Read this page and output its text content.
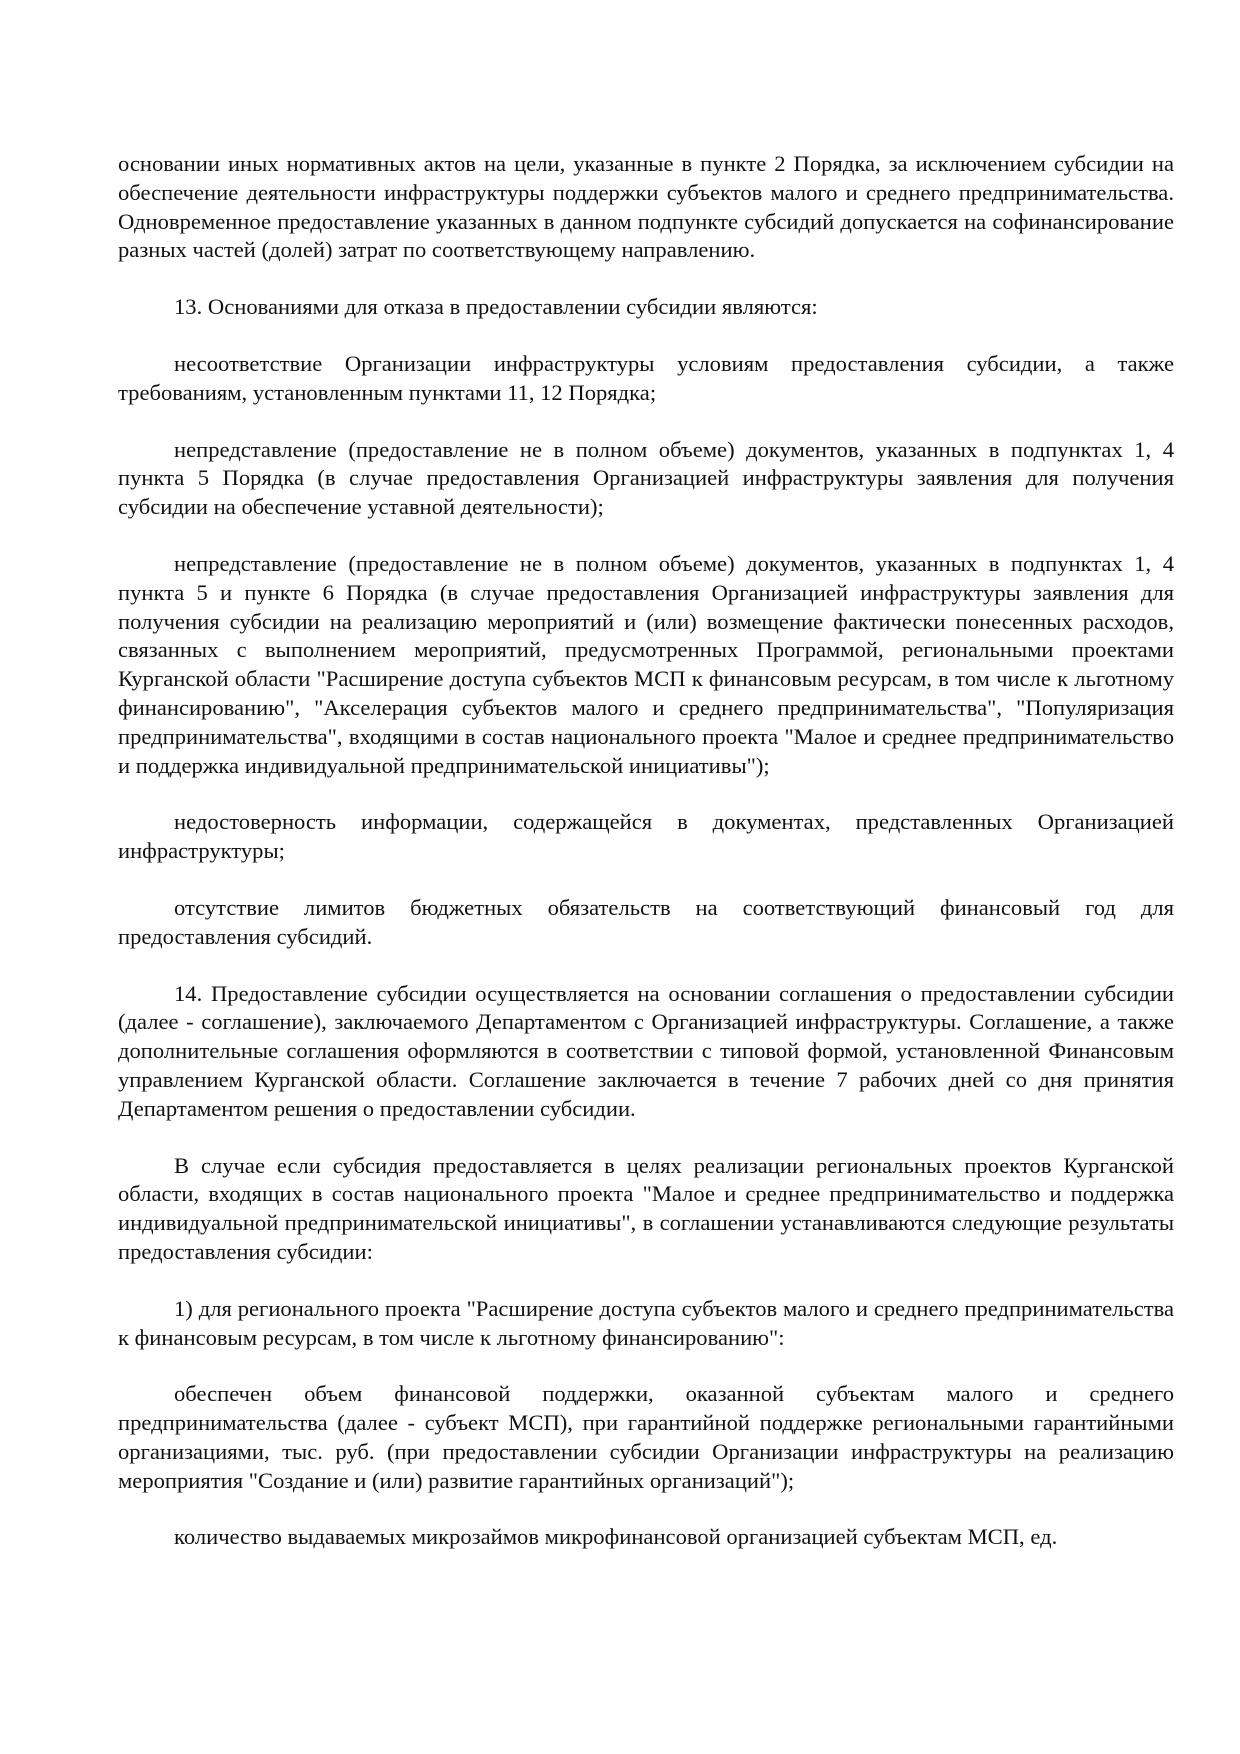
основании иных нормативных актов на цели, указанные в пункте 2 Порядка, за исключением субсидии на обеспечение деятельности инфраструктуры поддержки субъектов малого и среднего предпринимательства. Одновременное предоставление указанных в данном подпункте субсидий допускается на софинансирование разных частей (долей) затрат по соответствующему направлению.

13. Основаниями для отказа в предоставлении субсидии являются:

несоответствие Организации инфраструктуры условиям предоставления субсидии, а также требованиям, установленным пунктами 11, 12 Порядка;

непредставление (предоставление не в полном объеме) документов, указанных в подпунктах 1, 4 пункта 5 Порядка (в случае предоставления Организацией инфраструктуры заявления для получения субсидии на обеспечение уставной деятельности);

непредставление (предоставление не в полном объеме) документов, указанных в подпунктах 1, 4 пункта 5 и пункте 6 Порядка (в случае предоставления Организацией инфраструктуры заявления для получения субсидии на реализацию мероприятий и (или) возмещение фактически понесенных расходов, связанных с выполнением мероприятий, предусмотренных Программой, региональными проектами Курганской области "Расширение доступа субъектов МСП к финансовым ресурсам, в том числе к льготному финансированию", "Акселерация субъектов малого и среднего предпринимательства", "Популяризация предпринимательства", входящими в состав национального проекта "Малое и среднее предпринимательство и поддержка индивидуальной предпринимательской инициативы");

недостоверность информации, содержащейся в документах, представленных Организацией инфраструктуры;

отсутствие лимитов бюджетных обязательств на соответствующий финансовый год для предоставления субсидий.

14. Предоставление субсидии осуществляется на основании соглашения о предоставлении субсидии (далее - соглашение), заключаемого Департаментом с Организацией инфраструктуры. Соглашение, а также дополнительные соглашения оформляются в соответствии с типовой формой, установленной Финансовым управлением Курганской области. Соглашение заключается в течение 7 рабочих дней со дня принятия Департаментом решения о предоставлении субсидии.

В случае если субсидия предоставляется в целях реализации региональных проектов Курганской области, входящих в состав национального проекта "Малое и среднее предпринимательство и поддержка индивидуальной предпринимательской инициативы", в соглашении устанавливаются следующие результаты предоставления субсидии:

1) для регионального проекта "Расширение доступа субъектов малого и среднего предпринимательства к финансовым ресурсам, в том числе к льготному финансированию":

обеспечен объем финансовой поддержки, оказанной субъектам малого и среднего предпринимательства (далее - субъект МСП), при гарантийной поддержке региональными гарантийными организациями, тыс. руб. (при предоставлении субсидии Организации инфраструктуры на реализацию мероприятия "Создание и (или) развитие гарантийных организаций");

количество выдаваемых микрозаймов микрофинансовой организацией субъектам МСП, ед.
